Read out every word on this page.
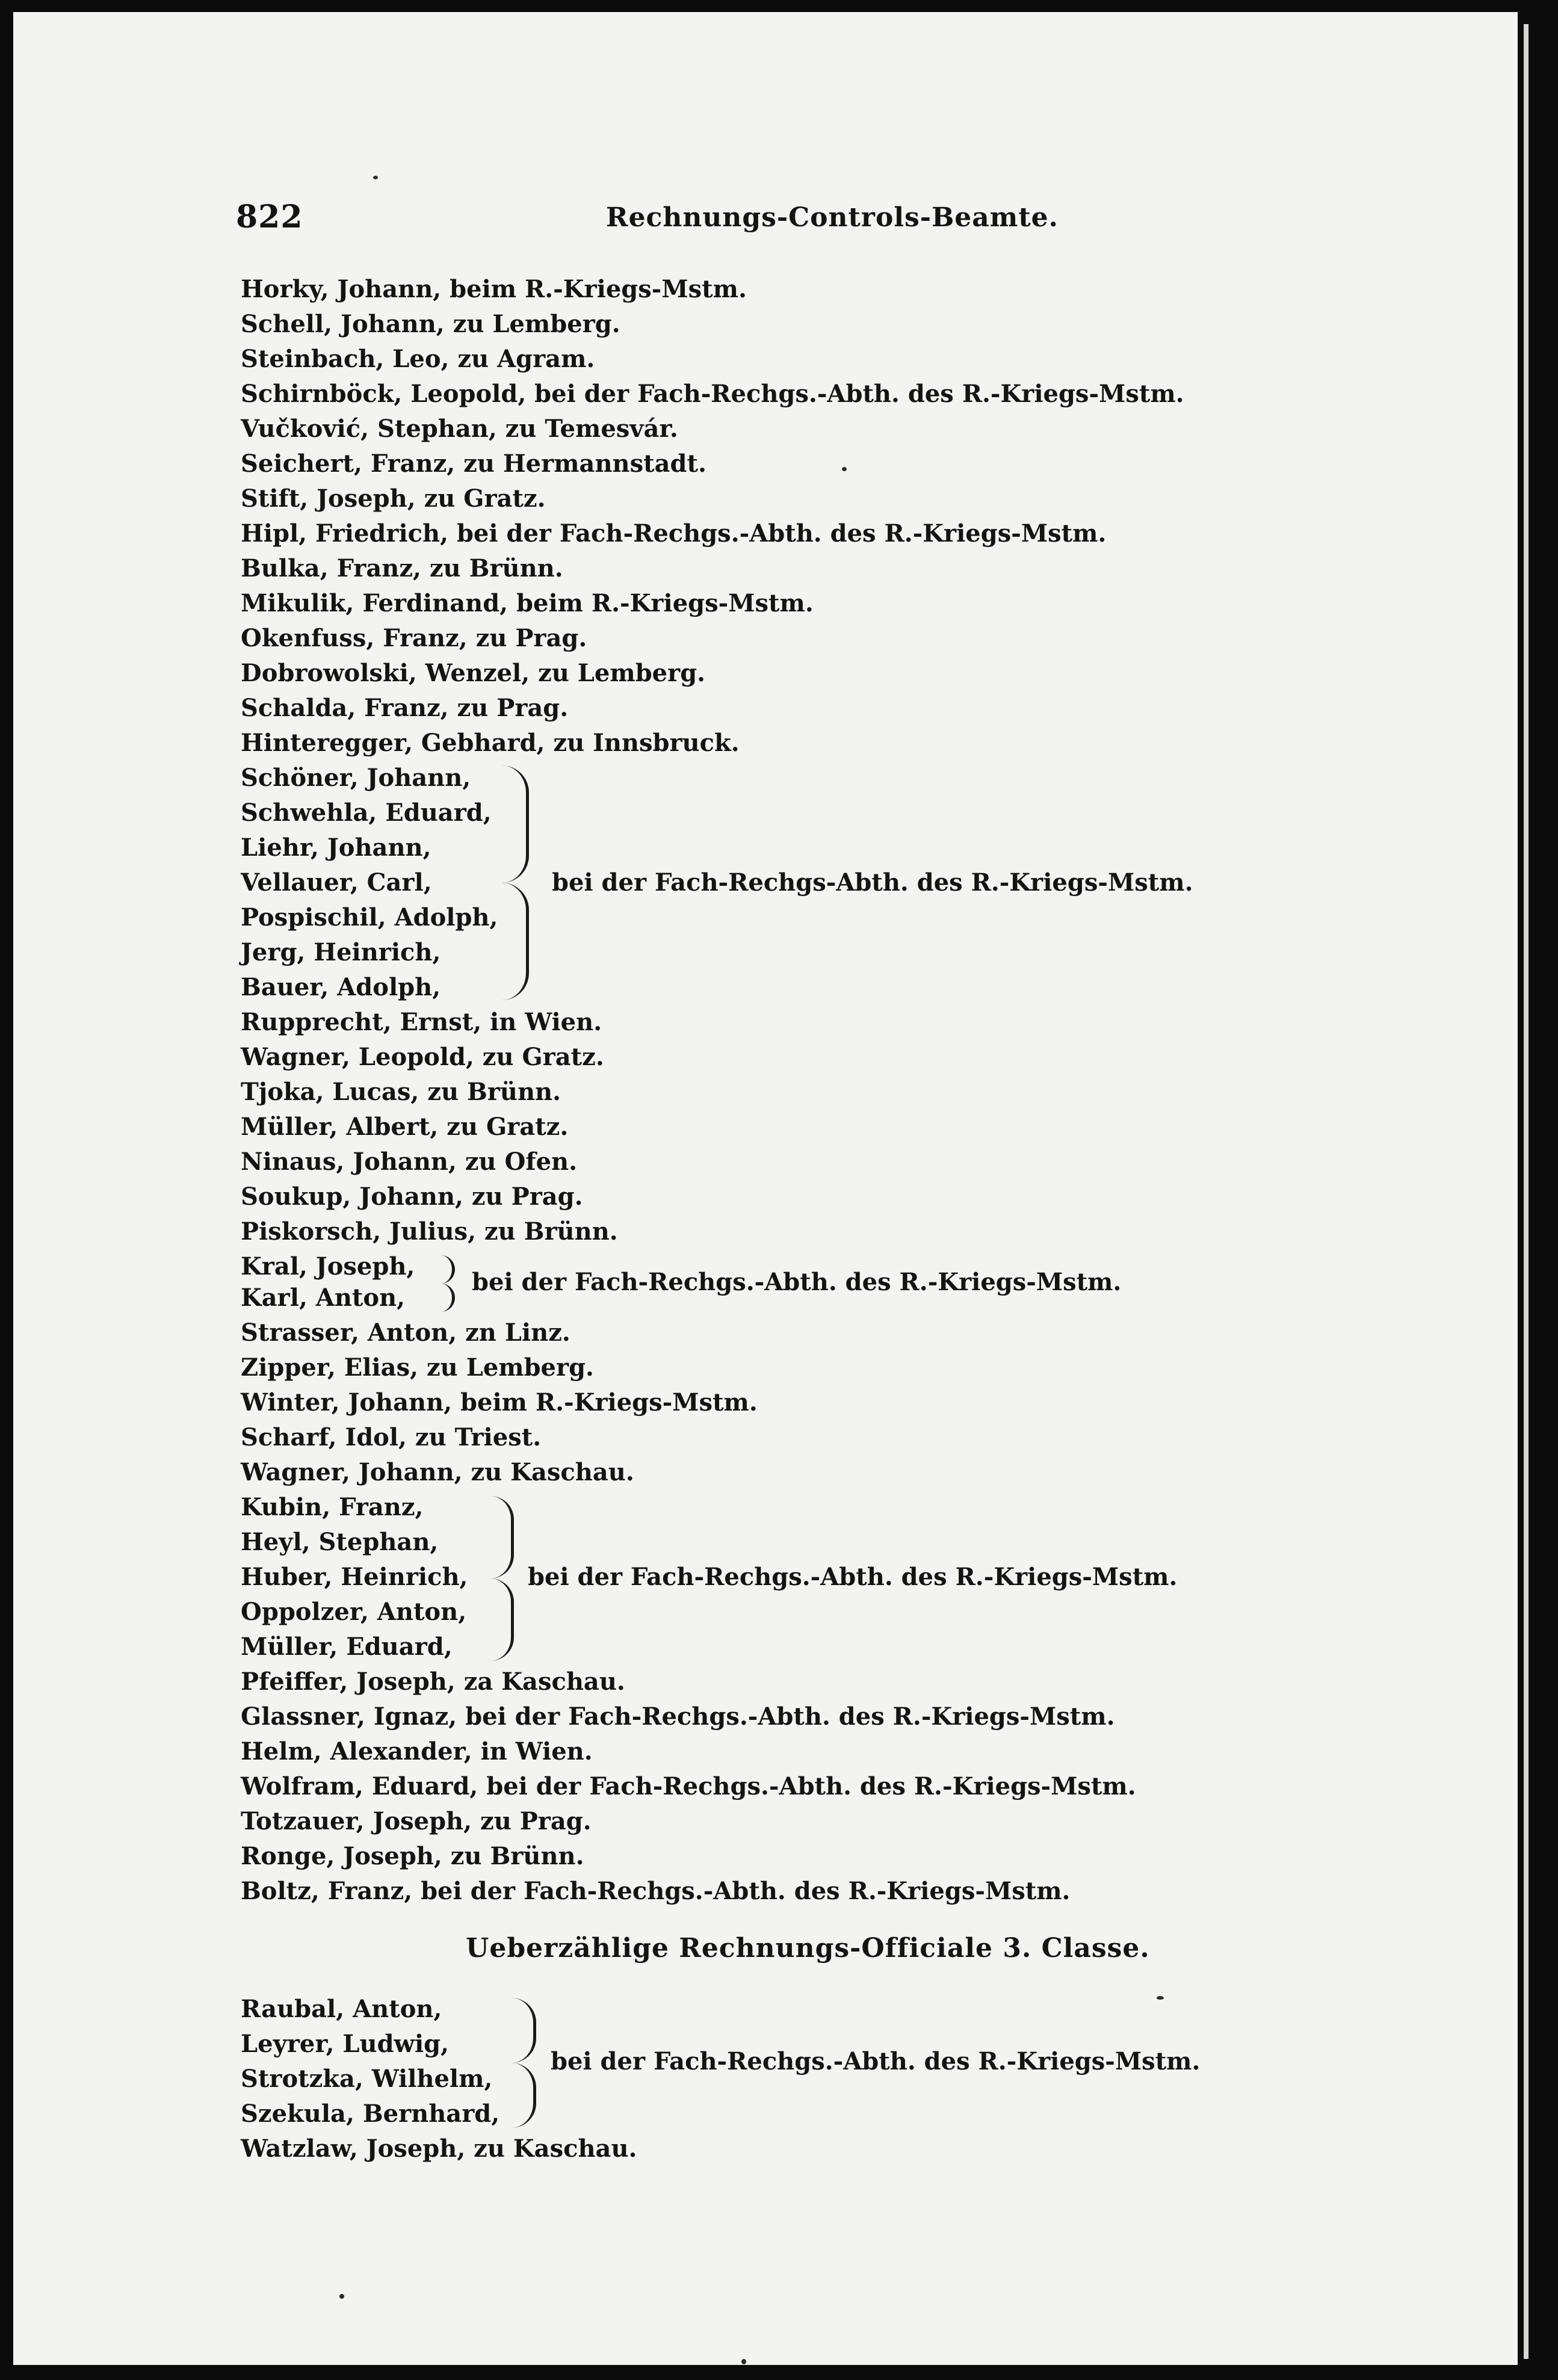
822	Rechnungs-Controls-Beamte.
Horky, Johann, beim R.-Kriegs-Mstm.
Schell, Johann, zu Lemberg.
Steinbach, Leo, zu Agram.
Schirnböck, Leopold, bei der Fach-Rechgs.-Abth. des R.-Kriegs-Mstm.
Vučković, Stephan, zu Temesvár.
Seichert, Franz, zu Hermannstadt.
Stift, Joseph, zu Gratz.
Hipl, Friedrich, bei der Fach-Rechgs.-Abth. des R.-Kriegs-Mstm.
Bulka, Franz, zu Brünn.
Mikulik, Ferdinand, beim R.-Kriegs-Mstm.
Okenfuss, Franz, zu Prag.
Dobrowolski, Wenzel, zu Lemberg.
Schalda, Franz, zu Prag.
Hinteregger, Gebhard, zu Innsbruck.
Schöner, Johann,
Schwehla, Eduard,
Liehr, Johann,
Vellauer, Carl,
Pospischil, Adolph,
Jerg, Heinrich,
Bauer, Adolph,
bei der Fach-Rechgs-Abth. des R.-Kriegs-Mstm.
Rupprecht, Ernst, in Wien.
Wagner, Leopold, zu Gratz.
Tjoka, Lucas, zu Brünn.
Müller, Albert, zu Gratz.
Ninaus, Johann, zu Ofen.
Soukup, Johann, zu Prag.
Piskorsch, Julius, zu Brünn.
Kral, Joseph,
Karl, Anton,
bei der Fach-Rechgs.-Abth. des R.-Kriegs-Mstm.
Strasser, Anton, zn Linz.
Zipper, Elias, zu Lemberg.
Winter, Johann, beim R.-Kriegs-Mstm.
Scharf, Idol, zu Triest.
Wagner, Johann, zu Kaschau.
Kubin, Franz,
Heyl, Stephan,
Huber, Heinrich,
Oppolzer, Anton,
Müller, Eduard,
bei der Fach-Rechgs.-Abth. des R.-Kriegs-Mstm.
Pfeiffer, Joseph, za Kaschau.
Glassner, Ignaz, bei der Fach-Rechgs.-Abth. des R.-Kriegs-Mstm.
Helm, Alexander, in Wien.
Wolfram, Eduard, bei der Fach-Rechgs.-Abth. des R.-Kriegs-Mstm.
Totzauer, Joseph, zu Prag.
Ronge, Joseph, zu Brünn.
Boltz, Franz, bei der Fach-Rechgs.-Abth. des R.-Kriegs-Mstm.
Ueberzählige Rechnungs-Officiale 3. Classe.
Raubal, Anton,
Leyrer, Ludwig,
Strotzka, Wilhelm,
Szekula, Bernhard,
bei der Fach-Rechgs.-Abth. des R.-Kriegs-Mstm.
Watzlaw, Joseph, zu Kaschau.
